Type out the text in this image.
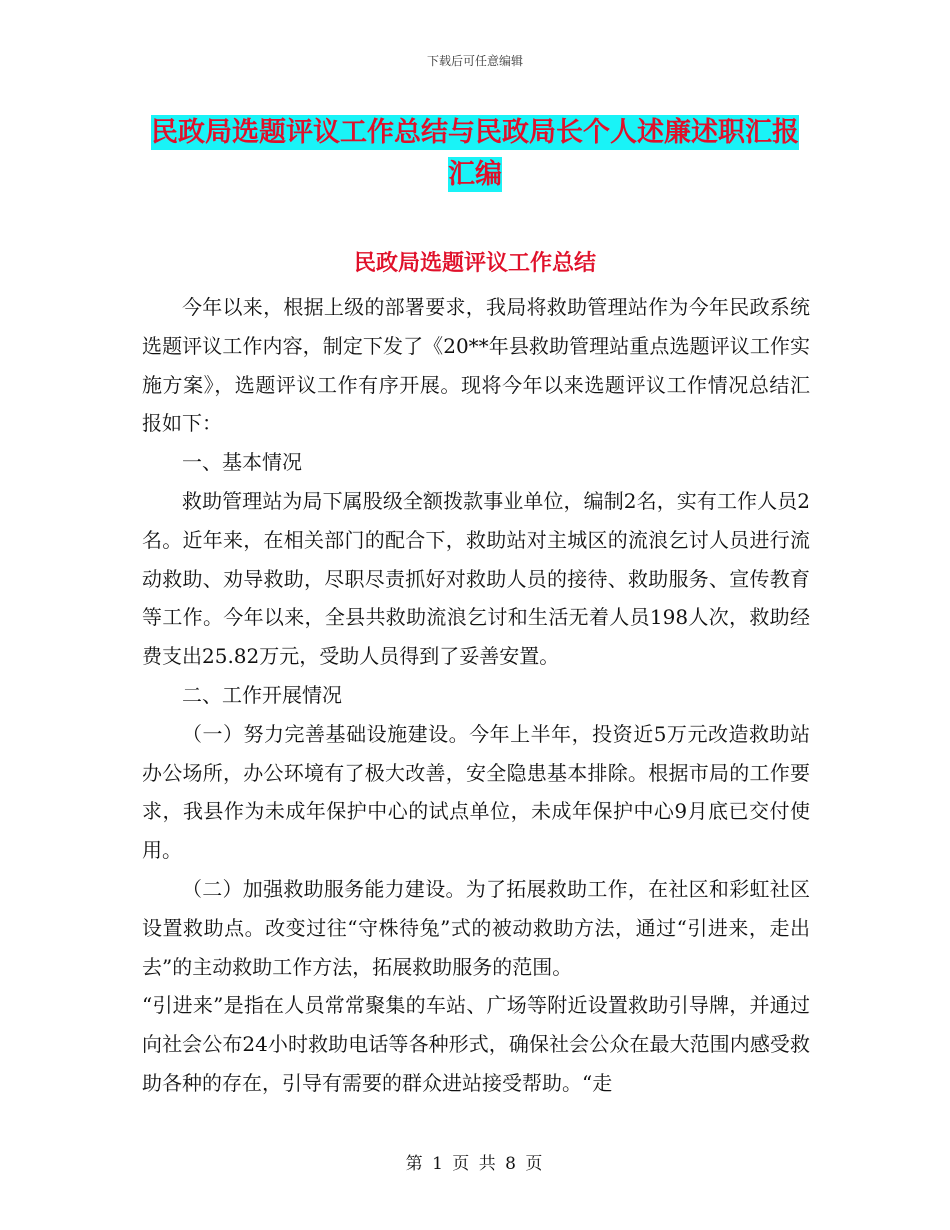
下载后可任意编辑
民政局选题评议工作总结与民政局长个人述廉述职汇报汇编
民政局选题评议工作总结

今年以来，根据上级的部署要求，我局将救助管理站作为今年民政系统选题评议工作内容，制定下发了《20**年县救助管理站重点选题评议工作实施方案》，选题评议工作有序开展。现将今年以来选题评议工作情况总结汇报如下：

一、基本情况

救助管理站为局下属股级全额拨款事业单位，编制2名，实有工作人员2名。近年来，在相关部门的配合下，救助站对主城区的流浪乞讨人员进行流动救助、劝导救助，尽职尽责抓好对救助人员的接待、救助服务、宣传教育等工作。今年以来，全县共救助流浪乞讨和生活无着人员198人次，救助经费支出25.82万元，受助人员得到了妥善安置。

二、工作开展情况

（一）努力完善基础设施建设。今年上半年，投资近5万元改造救助站办公场所，办公环境有了极大改善，安全隐患基本排除。根据市局的工作要求，我县作为未成年保护中心的试点单位，未成年保护中心9月底已交付使用。

（二）加强救助服务能力建设。为了拓展救助工作，在社区和彩虹社区设置救助点。改变过往“守株待兔”式的被动救助方法，通过“引进来，走出去”的主动救助工作方法，拓展救助服务的范围。

“引进来”是指在人员常常聚集的车站、广场等附近设置救助引导牌，并通过向社会公布24小时救助电话等各种形式，确保社会公众在最大范围内感受救助各种的存在，引导有需要的群众进站接受帮助。“走

第 1 页 共 8 页
